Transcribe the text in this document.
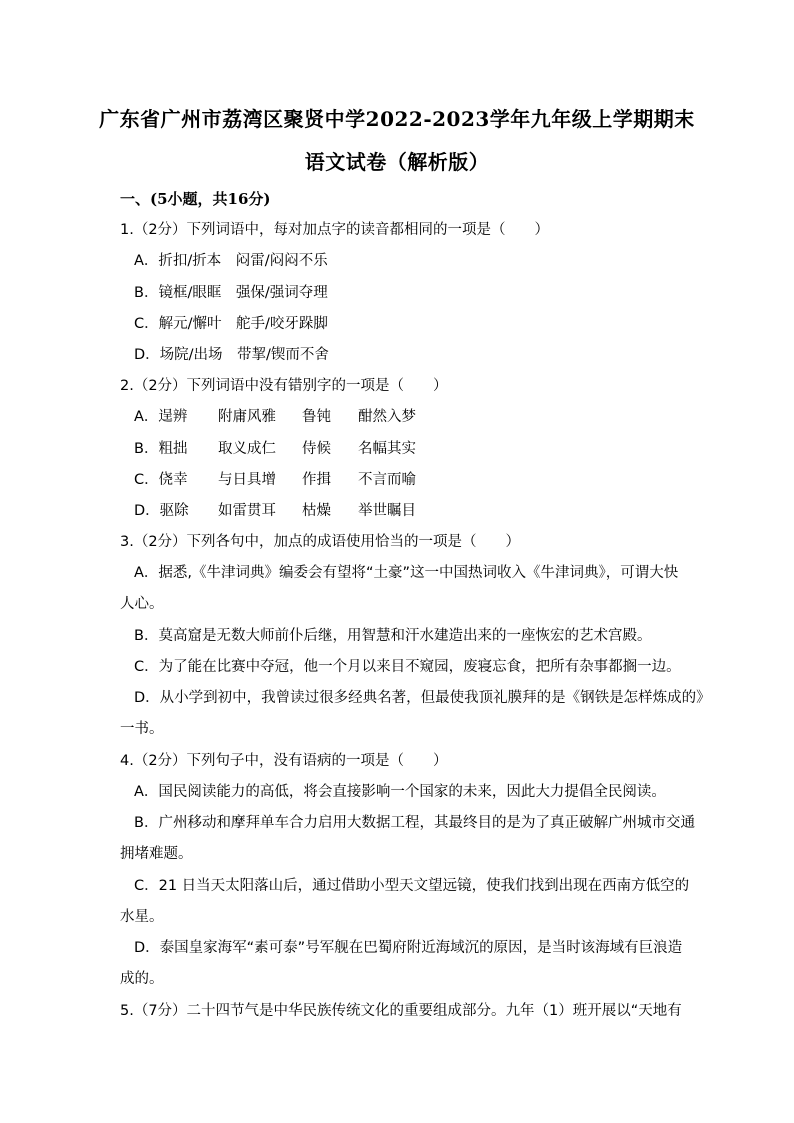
广东省广州市荔湾区聚贤中学2022-2023学年九年级上学期期末
语文试卷（解析版）
一、(5小题，共16分)
1.（2分）下列词语中，每对加点字的读音都相同的一项是（　　）
A．折扣/折本　闷雷/闷闷不乐
B．镜框/眼眶　强保/强词夺理
C．解元/懈叶　舵手/咬牙跺脚
D．场院/出场　带挈/锲而不舍
2.（2分）下列词语中没有错别字的一项是（　　）
A．逞辨 附庸风雅 鲁钝 酣然入梦
B．粗拙 取义成仁 侍候 名幅其实
C．侥幸 与日具增 作揖 不言而喻
D．驱除 如雷贯耳 枯燥 举世瞩目
3.（2分）下列各句中，加点的成语使用恰当的一项是（　　）
A．据悉,《牛津词典》编委会有望将“土豪”这一中国热词收入《牛津词典》，可谓大快
人心。
B．莫高窟是无数大师前仆后继，用智慧和汗水建造出来的一座恢宏的艺术宫殿。
C．为了能在比赛中夺冠，他一个月以来目不窥园，废寝忘食，把所有杂事都搁一边。
D．从小学到初中，我曾读过很多经典名著，但最使我顶礼膜拜的是《钢铁是怎样炼成的》
一书。
4.（2分）下列句子中，没有语病的一项是（　　）
A．国民阅读能力的高低，将会直接影响一个国家的未来，因此大力提倡全民阅读。
B．广州移动和摩拜单车合力启用大数据工程，其最终目的是为了真正破解广州城市交通
拥堵难题。
C．21 日当天太阳落山后，通过借助小型天文望远镜，使我们找到出现在西南方低空的
水星。
D．泰国皇家海军“素可泰”号军舰在巴蜀府附近海域沉的原因，是当时该海域有巨浪造
成的。
5.（7分）二十四节气是中华民族传统文化的重要组成部分。九年（1）班开展以“天地有
